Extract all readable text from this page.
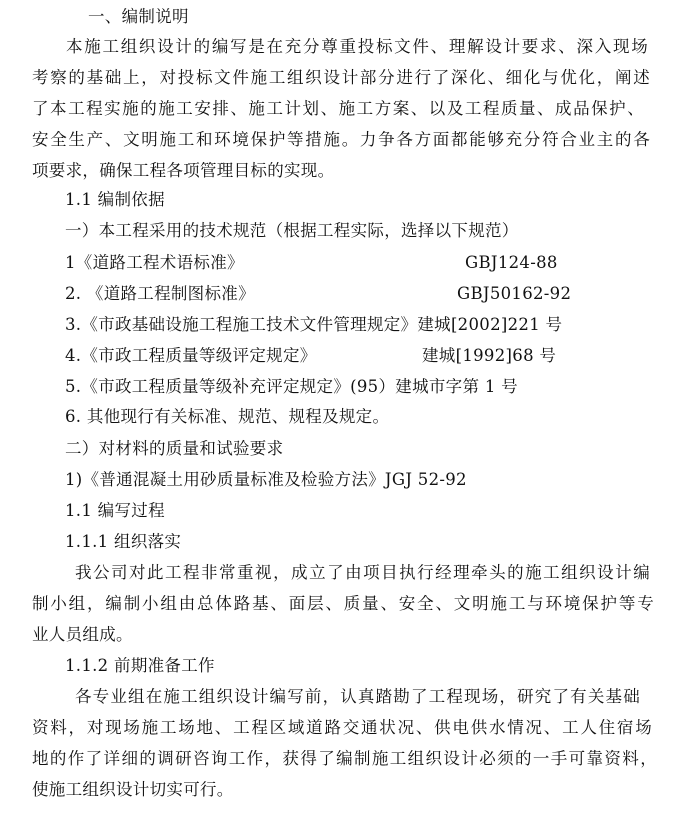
一、编制说明
本施工组织设计的编写是在充分尊重投标文件、理解设计要求、深入现场
考察的基础上，对投标文件施工组织设计部分进行了深化、细化与优化，阐述
了本工程实施的施工安排、施工计划、施工方案、以及工程质量、成品保护、
安全生产、文明施工和环境保护等措施。力争各方面都能够充分符合业主的各
项要求，确保工程各项管理目标的实现。
1.1 编制依据
一）本工程采用的技术规范（根据工程实际，选择以下规范）
1《道路工程术语标准》	GBJ124-88
2. 《道路工程制图标准》	GBJ50162-92
3.《市政基础设施工程施工技术文件管理规定》建城[2002]221 号
4.《市政工程质量等级评定规定》	建城[1992]68 号
5.《市政工程质量等级补充评定规定》(95）建城市字第 1 号
6. 其他现行有关标准、规范、规程及规定。
二）对材料的质量和试验要求
1)《普通混凝土用砂质量标准及检验方法》JGJ 52-92
1.1 编写过程
1.1.1 组织落实
我公司对此工程非常重视，成立了由项目执行经理牵头的施工组织设计编
制小组，编制小组由总体路基、面层、质量、安全、文明施工与环境保护等专
业人员组成。
1.1.2 前期准备工作
各专业组在施工组织设计编写前，认真踏勘了工程现场，研究了有关基础
资料，对现场施工场地、工程区域道路交通状况、供电供水情况、工人住宿场
地的作了详细的调研咨询工作，获得了编制施工组织设计必须的一手可靠资料，
使施工组织设计切实可行。
